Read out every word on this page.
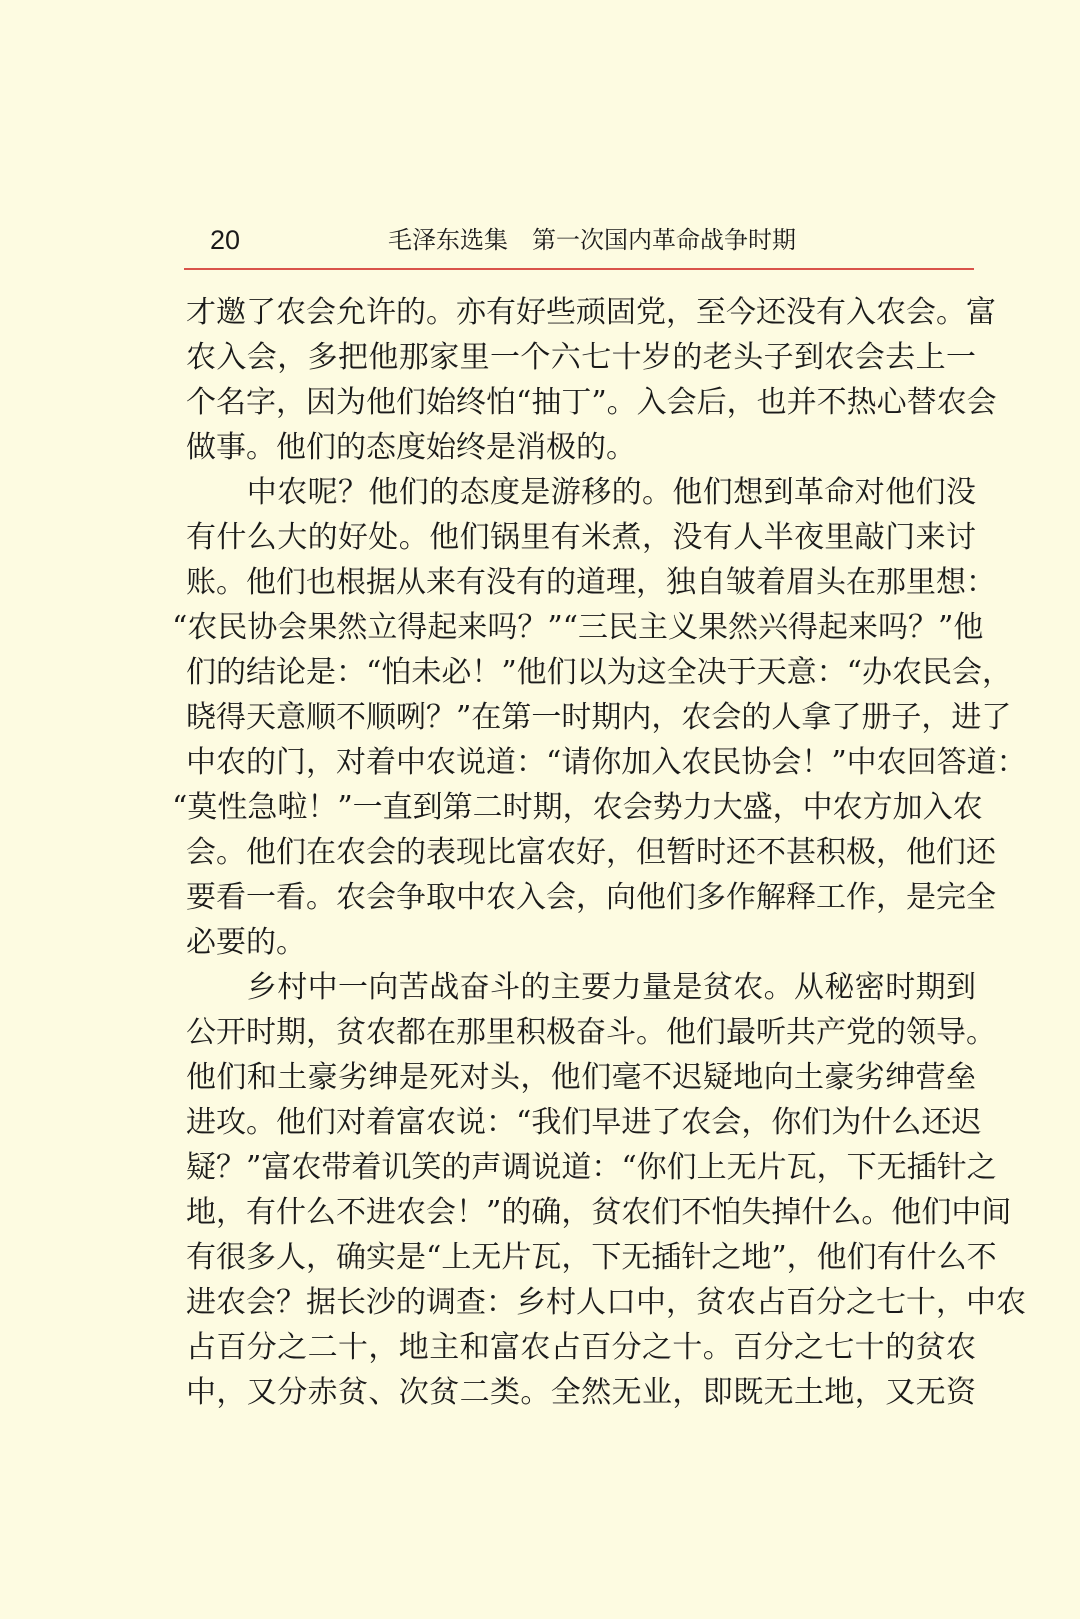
20	毛泽东选集　第一次国内革命战争时期
才邀了农会允许的。亦有好些顽固党，至今还没有入农会。富
农入会，多把他那家里一个六七十岁的老头子到农会去上一
个名字，因为他们始终怕“抽丁”。入会后，也并不热心替农会
做事。他们的态度始终是消极的。
　　中农呢？他们的态度是游移的。他们想到革命对他们没
有什么大的好处。他们锅里有米煮，没有人半夜里敲门来讨
账。他们也根据从来有没有的道理，独自皱着眉头在那里想：
“农民协会果然立得起来吗？”“三民主义果然兴得起来吗？”他
们的结论是：“怕未必！”他们以为这全决于天意：“办农民会，
晓得天意顺不顺咧？”在第一时期内，农会的人拿了册子，进了
中农的门，对着中农说道：“请你加入农民协会！”中农回答道：
“莫性急啦！”一直到第二时期，农会势力大盛，中农方加入农
会。他们在农会的表现比富农好，但暂时还不甚积极，他们还
要看一看。农会争取中农入会，向他们多作解释工作，是完全
必要的。
　　乡村中一向苦战奋斗的主要力量是贫农。从秘密时期到
公开时期，贫农都在那里积极奋斗。他们最听共产党的领导。
他们和土豪劣绅是死对头，他们毫不迟疑地向土豪劣绅营垒
进攻。他们对着富农说：“我们早进了农会，你们为什么还迟
疑？”富农带着讥笑的声调说道：“你们上无片瓦，下无插针之
地，有什么不进农会！”的确，贫农们不怕失掉什么。他们中间
有很多人，确实是“上无片瓦，下无插针之地”，他们有什么不
进农会？据长沙的调查：乡村人口中，贫农占百分之七十，中农
占百分之二十，地主和富农占百分之十。百分之七十的贫农
中，又分赤贫、次贫二类。全然无业，即既无土地，又无资
